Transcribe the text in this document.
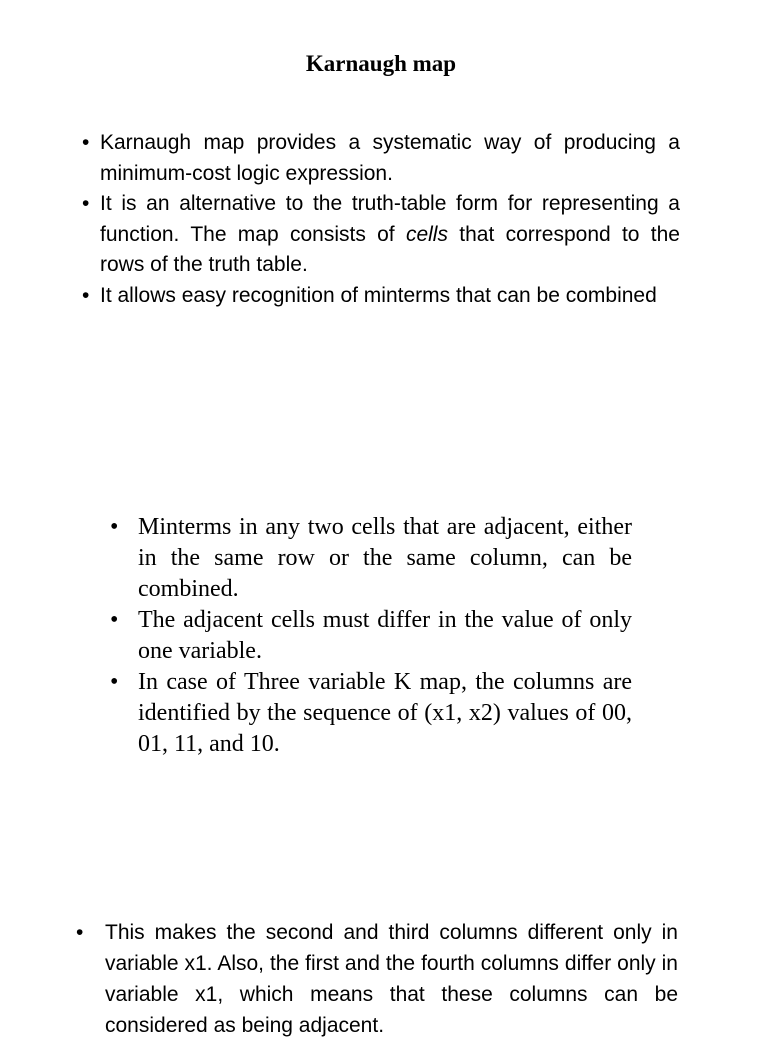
Karnaugh map
• Karnaugh map provides a systematic way of producing a minimum-cost logic expression.
• It is an alternative to the truth-table form for representing a function. The map consists of cells that correspond to the rows of the truth table.
• It allows easy recognition of minterms that can be combined
• Minterms in any two cells that are adjacent, either in the same row or the same column, can be combined.
• The adjacent cells must differ in the value of only one variable.
• In case of Three variable K map, the columns are identified by the sequence of (x1, x2) values of 00, 01, 11, and 10.
• This makes the second and third columns different only in variable x1. Also, the first and the fourth columns differ only in variable x1, which means that these columns can be considered as being adjacent.
